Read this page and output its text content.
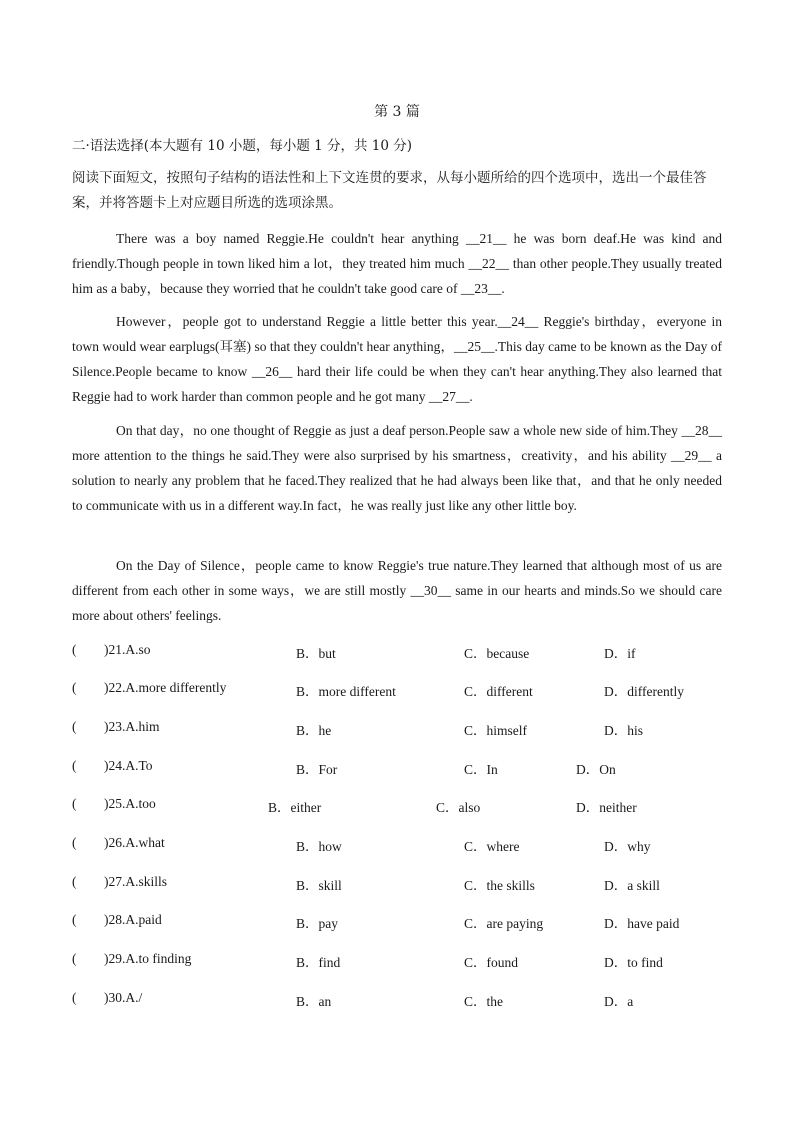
第 3 篇
二·语法选择(本大题有 10 小题，每小题 1 分，共 10 分)
阅读下面短文，按照句子结构的语法性和上下文连贯的要求，从每小题所给的四个选项中，选出一个最佳答案，并将答题卡上对应题目所选的选项涂黑。

There was a boy named Reggie.He couldn't hear anything __21__ he was born deaf.He was kind and friendly.Though people in town liked him a lot，they treated him much __22__ than other people.They usually treated him as a baby，because they worried that he couldn't take good care of __23__.

However，people got to understand Reggie a little better this year.__24__ Reggie's birthday，everyone in town would wear earplugs(耳塞) so that they couldn't hear anything，__25__.This day came to be known as the Day of Silence.People became to know __26__ hard their life could be when they can't hear anything.They also learned that Reggie had to work harder than common people and he got many __27__.

On that day，no one thought of Reggie as just a deaf person.People saw a whole new side of him.They __28__ more attention to the things he said.They were also surprised by his smartness，creativity，and his ability __29__ a solution to nearly any problem that he faced.They realized that he had always been like that，and that he only needed to communicate with us in a different way.In fact，he was really just like any other little boy.

On the Day of Silence，people came to know Reggie's true nature.They learned that although most of us are different from each other in some ways，we are still mostly __30__ same in our hearts and minds.So we should care more about others' feelings.

( )21.A.so	B．but	C．because	D．if
( )22.A.more differently	B．more different	C．different	D．differently
( )23.A.him	B．he	C．himself	D．his
( )24.A.To	B．For	C．In	D．On
( )25.A.too	B．either	C．also	D．neither
( )26.A.what	B．how	C．where	D．why
( )27.A.skills	B．skill	C．the skills	D．a skill
( )28.A.paid	B．pay	C．are paying	D．have paid
( )29.A.to finding	B．find	C．found	D．to find
( )30.A./	B．an	C．the	D．a
